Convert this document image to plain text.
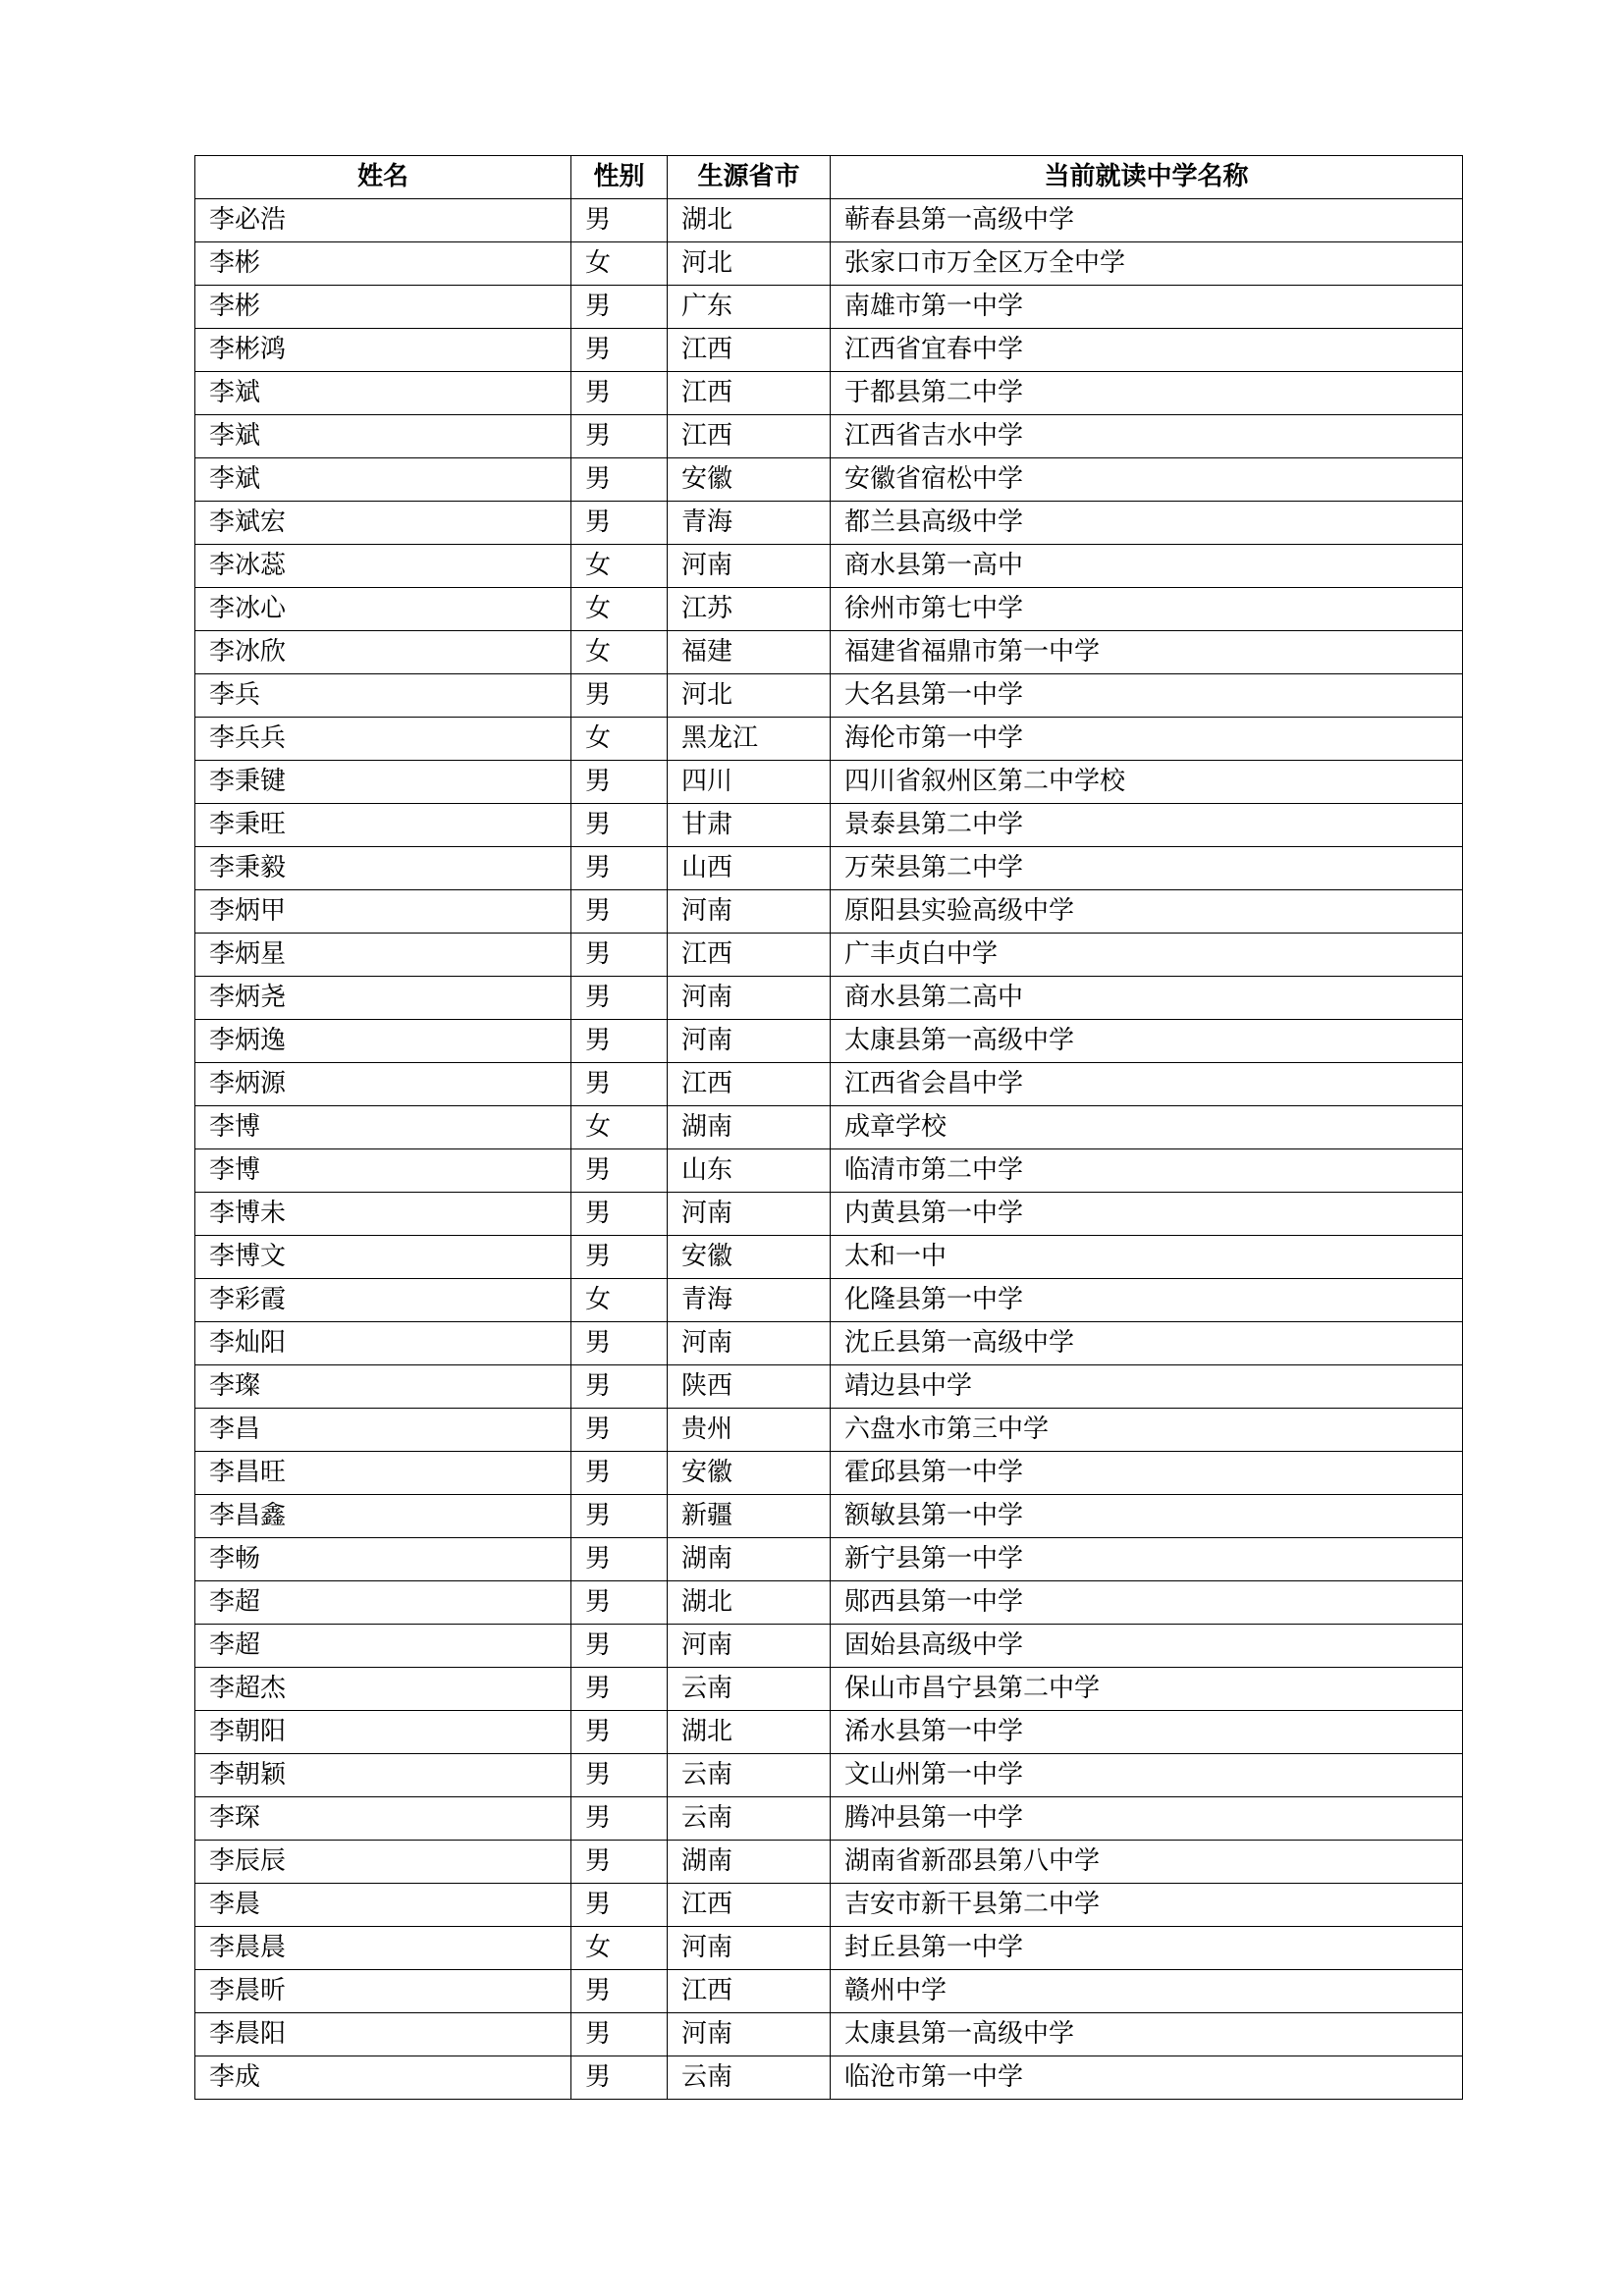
姓名	性别	生源省市	当前就读中学名称
李必浩	男	湖北	蕲春县第一高级中学
李彬	女	河北	张家口市万全区万全中学
李彬	男	广东	南雄市第一中学
李彬鸿	男	江西	江西省宜春中学
李斌	男	江西	于都县第二中学
李斌	男	江西	江西省吉水中学
李斌	男	安徽	安徽省宿松中学
李斌宏	男	青海	都兰县高级中学
李冰蕊	女	河南	商水县第一高中
李冰心	女	江苏	徐州市第七中学
李冰欣	女	福建	福建省福鼎市第一中学
李兵	男	河北	大名县第一中学
李兵兵	女	黑龙江	海伦市第一中学
李秉键	男	四川	四川省叙州区第二中学校
李秉旺	男	甘肃	景泰县第二中学
李秉毅	男	山西	万荣县第二中学
李炳甲	男	河南	原阳县实验高级中学
李炳星	男	江西	广丰贞白中学
李炳尧	男	河南	商水县第二高中
李炳逸	男	河南	太康县第一高级中学
李炳源	男	江西	江西省会昌中学
李博	女	湖南	成章学校
李博	男	山东	临清市第二中学
李博未	男	河南	内黄县第一中学
李博文	男	安徽	太和一中
李彩霞	女	青海	化隆县第一中学
李灿阳	男	河南	沈丘县第一高级中学
李璨	男	陕西	靖边县中学
李昌	男	贵州	六盘水市第三中学
李昌旺	男	安徽	霍邱县第一中学
李昌鑫	男	新疆	额敏县第一中学
李畅	男	湖南	新宁县第一中学
李超	男	湖北	郧西县第一中学
李超	男	河南	固始县高级中学
李超杰	男	云南	保山市昌宁县第二中学
李朝阳	男	湖北	浠水县第一中学
李朝颖	男	云南	文山州第一中学
李琛	男	云南	腾冲县第一中学
李辰辰	男	湖南	湖南省新邵县第八中学
李晨	男	江西	吉安市新干县第二中学
李晨晨	女	河南	封丘县第一中学
李晨昕	男	江西	赣州中学
李晨阳	男	河南	太康县第一高级中学
李成	男	云南	临沧市第一中学
